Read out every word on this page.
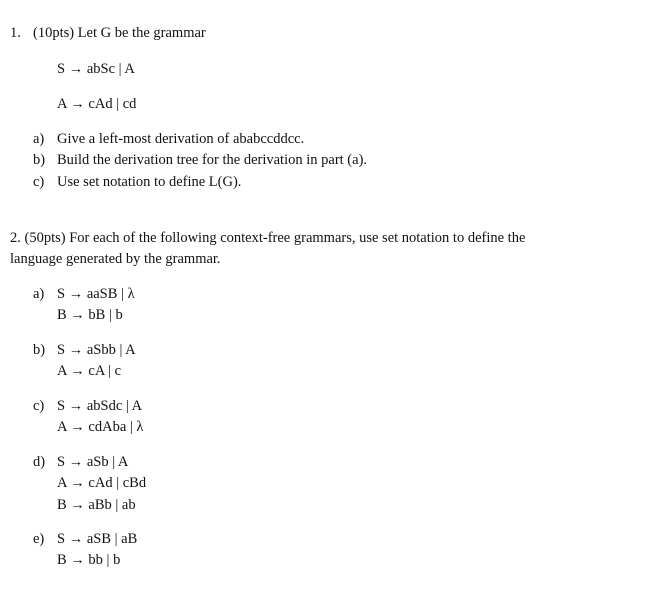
1. (10pts) Let G be the grammar
S → abSc | A
A → cAd | cd
a) Give a left-most derivation of ababccddcc.
b) Build the derivation tree for the derivation in part (a).
c) Use set notation to define L(G).
2. (50pts) For each of the following context-free grammars, use set notation to define the
language generated by the grammar.
a) S → aaSB | λ
B → bB | b
b) S → aSbb | A
A → cA | c
c) S → abSdc | A
A → cdAba | λ
d) S → aSb | A
A → cAd | cBd
B → aBb | ab
e) S → aSB | aB
B → bb | b
